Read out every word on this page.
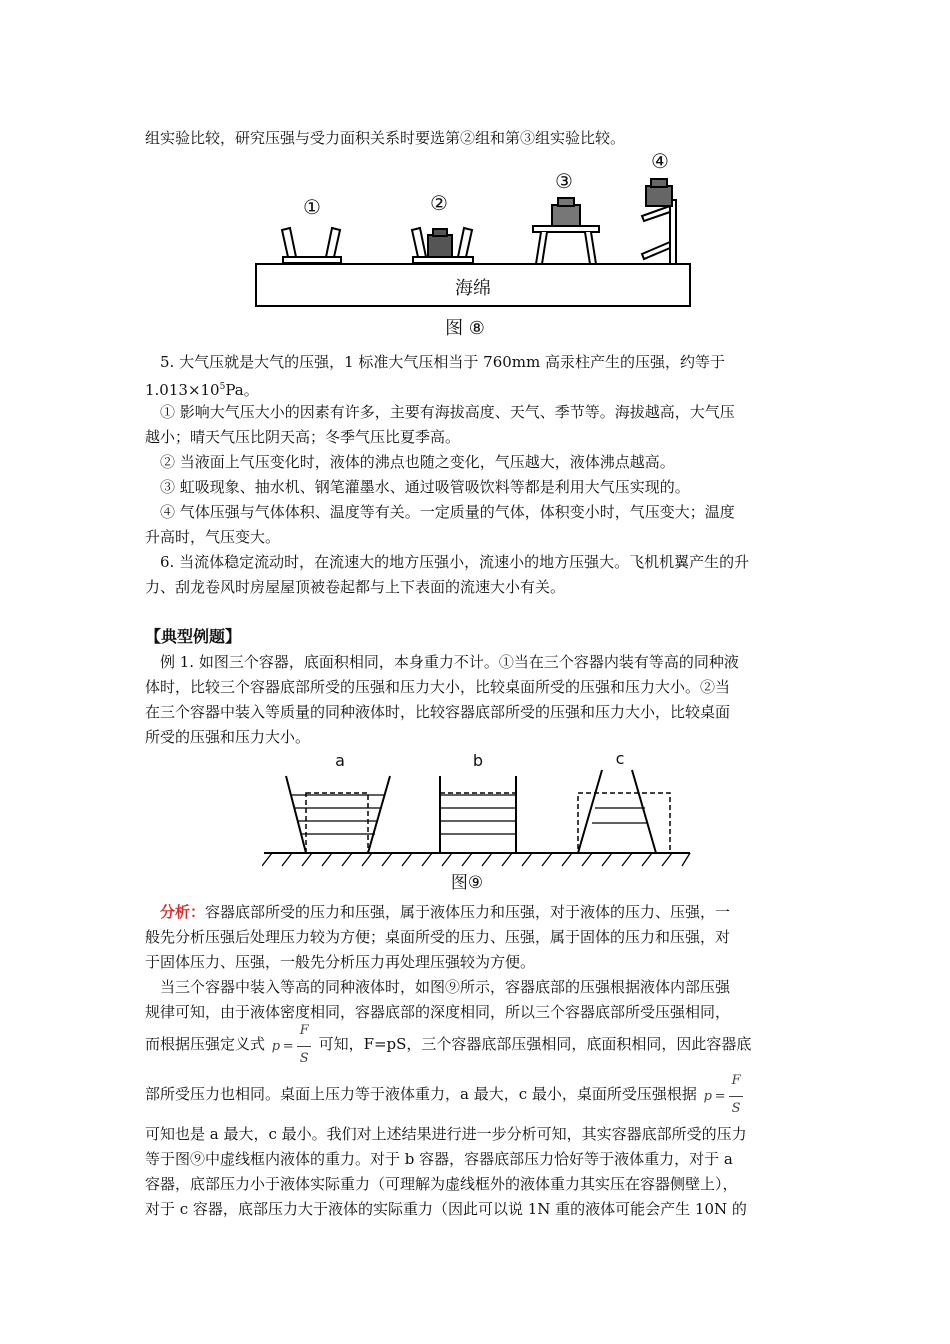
组实验比较，研究压强与受力面积关系时要选第②组和第③组实验比较。
海绵
①	②
③
④
图 ⑧
5. 大气压就是大气的压强，1 标准大气压相当于 760mm 高汞柱产生的压强，约等于
$1.013\times 10^5Pa$。
① 影响大气压大小的因素有许多，主要有海拔高度、天气、季节等。海拔越高，大气压
越小；晴天气压比阴天高；冬季气压比夏季高。
② 当液面上气压变化时，液体的沸点也随之变化，气压越大，液体沸点越高。
③ 虹吸现象、抽水机、钢笔灌墨水、通过吸管吸饮料等都是利用大气压实现的。
④ 气体压强与气体体积、温度等有关。一定质量的气体，体积变小时，气压变大；温度
升高时，气压变大。
6. 当流体稳定流动时，在流速大的地方压强小，流速小的地方压强大。飞机机翼产生的升
力、刮龙卷风时房屋屋顶被卷起都与上下表面的流速大小有关。
【典型例题】
例 1. 如图三个容器，底面积相同，本身重力不计。①当在三个容器内装有等高的同种液
体时，比较三个容器底部所受的压强和压力大小，比较桌面所受的压强和压力大小。②当
在三个容器中装入等质量的同种液体时，比较容器底部所受的压强和压力大小，比较桌面
所受的压强和压力大小。
a	b	c
图⑨
分析：容器底部所受的压力和压强，属于液体压力和压强，对于液体的压力、压强，一
般先分析压强后处理压力较为方便；桌面所受的压力、压强，属于固体的压力和压强，对
于固体压力、压强，一般先分析压力再处理压强较为方便。
当三个容器中装入等高的同种液体时，如图⑨所示，容器底部的压强根据液体内部压强
规律可知，由于液体密度相同，容器底部的深度相同，所以三个容器底部所受压强相同，
而根据压强定义式 p =
F
S
可知，F=pS，三个容器底部压强相同，底面积相同，因此容器底
部所受压力也相同。桌面上压力等于液体重力，a 最大，c 最小，桌面所受压强根据 p =
F
S
可知也是 a 最大，c 最小。我们对上述结果进行进一步分析可知，其实容器底部所受的压力
等于图⑨中虚线框内液体的重力。对于 b 容器，容器底部压力恰好等于液体重力，对于 a
容器，底部压力小于液体实际重力（可理解为虚线框外的液体重力其实压在容器侧壁上），
对于 c 容器，底部压力大于液体的实际重力（因此可以说 1N 重的液体可能会产生 10N 的
